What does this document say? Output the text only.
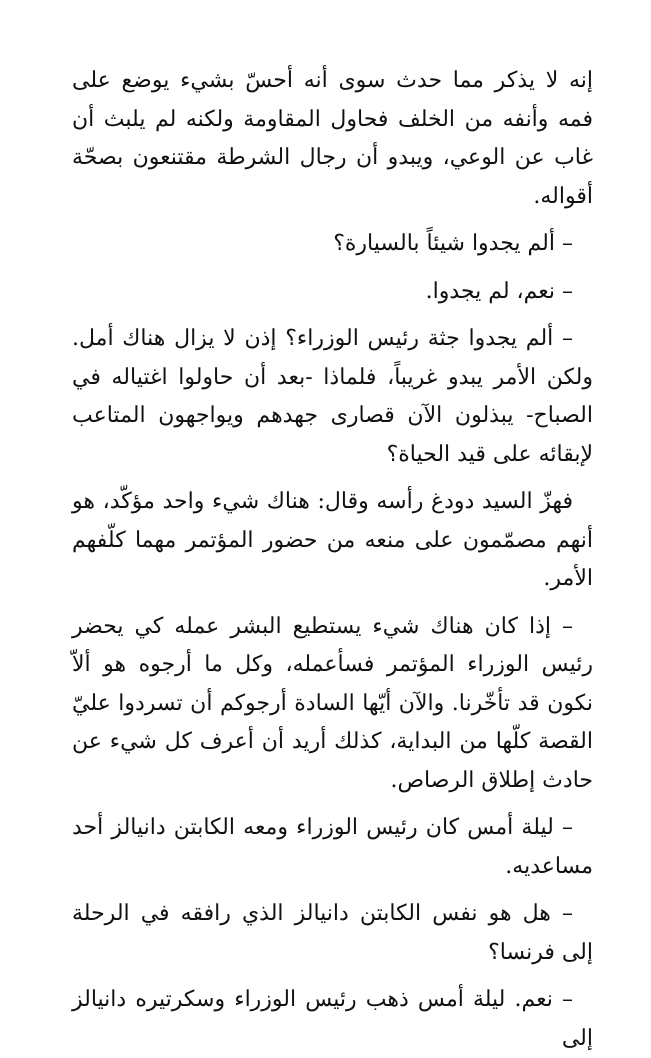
إنه لا يذكر مما حدث سوى أنه أحسّ بشيء يوضع على فمه وأنفه من الخلف فحاول المقاومة ولكنه لم يلبث أن غاب عن الوعي، ويبدو أن رجال الشرطة مقتنعون بصحّة أقواله.

– ألم يجدوا شيئاً بالسيارة؟

– نعم، لم يجدوا.

– ألم يجدوا جثة رئيس الوزراء؟ إذن لا يزال هناك أمل. ولكن الأمر يبدو غريباً، فلماذا -بعد أن حاولوا اغتياله في الصباح- يبذلون الآن قصارى جهدهم ويواجهون المتاعب لإبقائه على قيد الحياة؟

فهزّ السيد دودغ رأسه وقال: هناك شيء واحد مؤكّد، هو أنهم مصمّمون على منعه من حضور المؤتمر مهما كلّفهم الأمر.

– إذا كان هناك شيء يستطيع البشر عمله كي يحضر رئيس الوزراء المؤتمر فسأعمله، وكل ما أرجوه هو ألاّ نكون قد تأخّرنا. والآن أيّها السادة أرجوكم أن تسردوا عليّ القصة كلّها من البداية، كذلك أريد أن أعرف كل شيء عن حادث إطلاق الرصاص.

– ليلة أمس كان رئيس الوزراء ومعه الكابتن دانيالز أحد مساعديه.

– هل هو نفس الكابتن دانيالز الذي رافقه في الرحلة إلى فرنسا؟

– نعم. ليلة أمس ذهب رئيس الوزراء وسكرتيره دانيالز إلى
